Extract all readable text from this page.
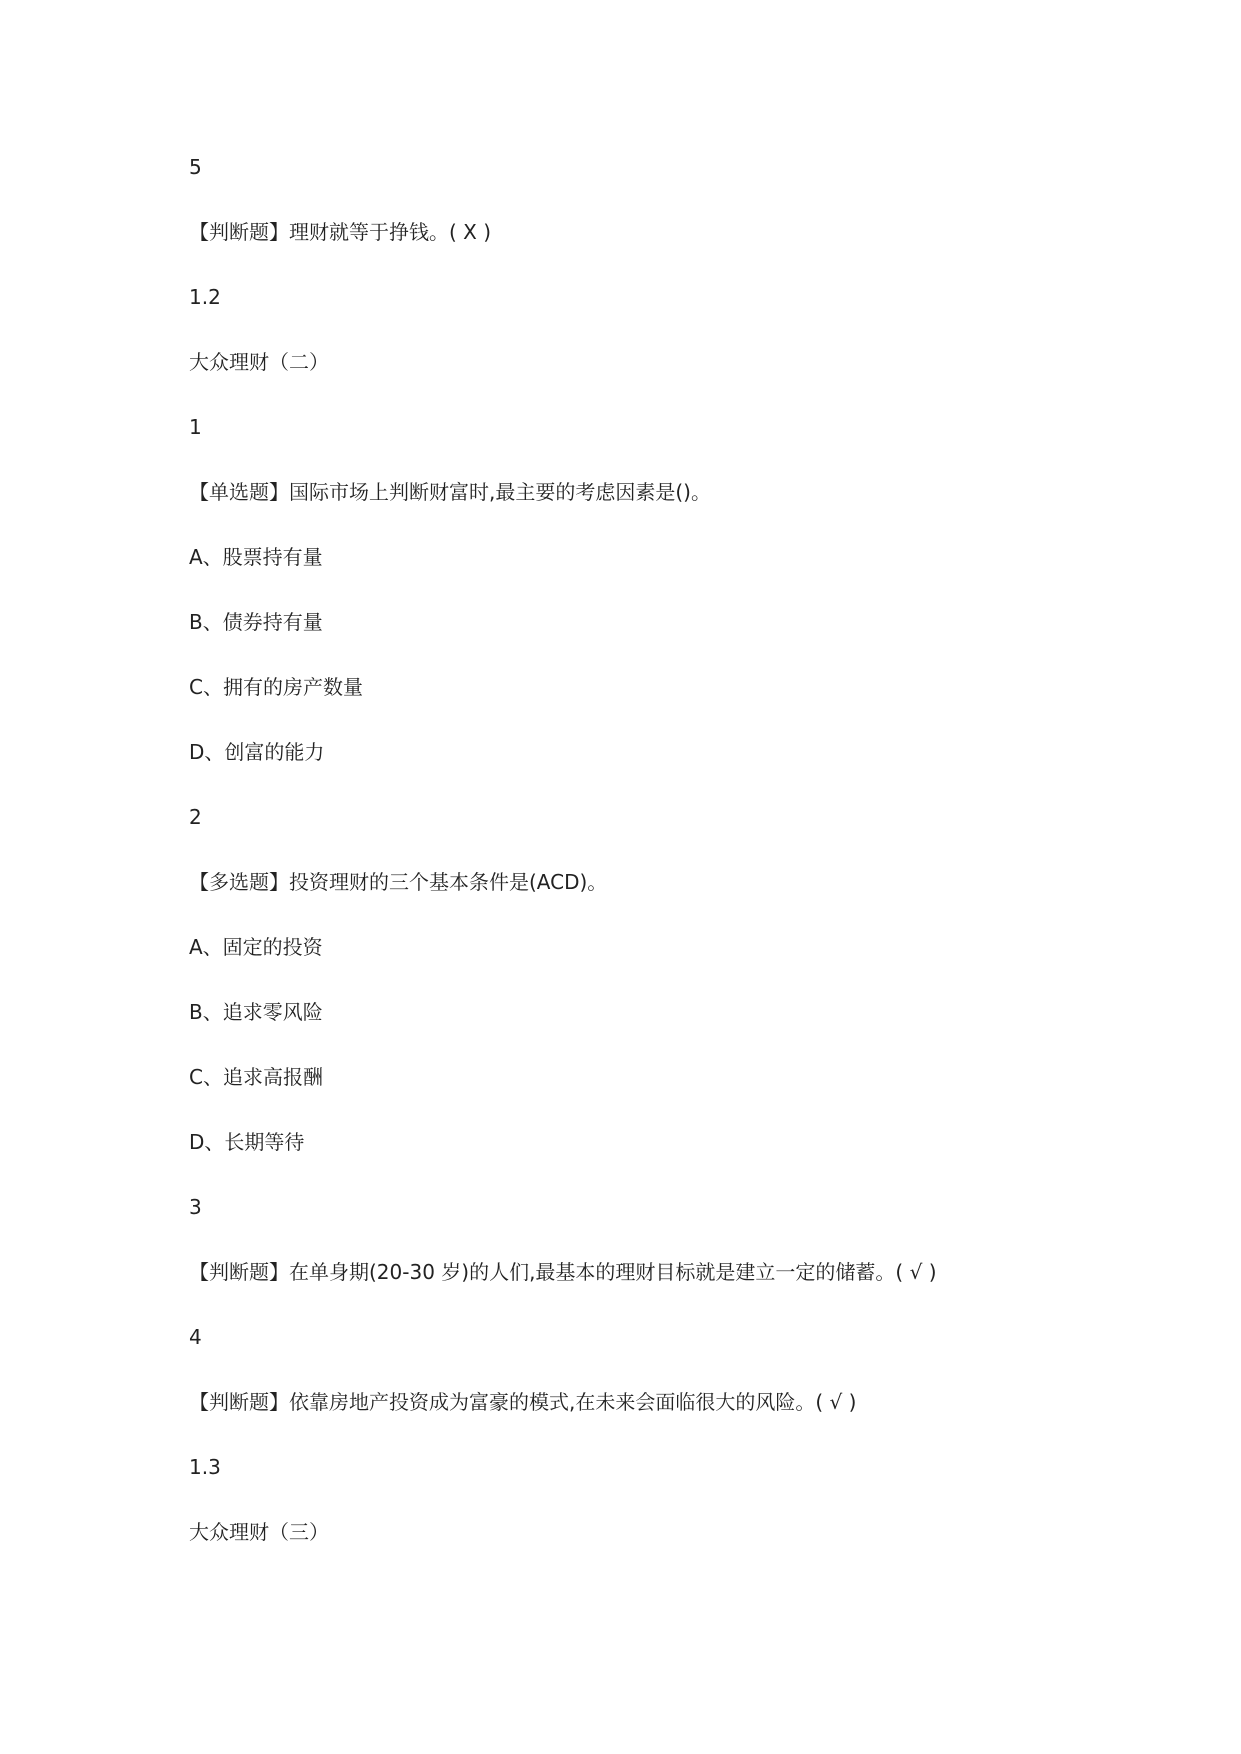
5
【判断题】理财就等于挣钱。( Х )
1.2
大众理财（二）
1
【单选题】国际市场上判断财富时,最主要的考虑因素是()。
A、股票持有量
B、债券持有量
C、拥有的房产数量
D、创富的能力
2
【多选题】投资理财的三个基本条件是(ACD)。
A、固定的投资
B、追求零风险
C、追求高报酬
D、长期等待
3
【判断题】在单身期(20-30 岁)的人们,最基本的理财目标就是建立一定的储蓄。( √ )
4
【判断题】依靠房地产投资成为富豪的模式,在未来会面临很大的风险。( √ )
1.3
大众理财（三）
